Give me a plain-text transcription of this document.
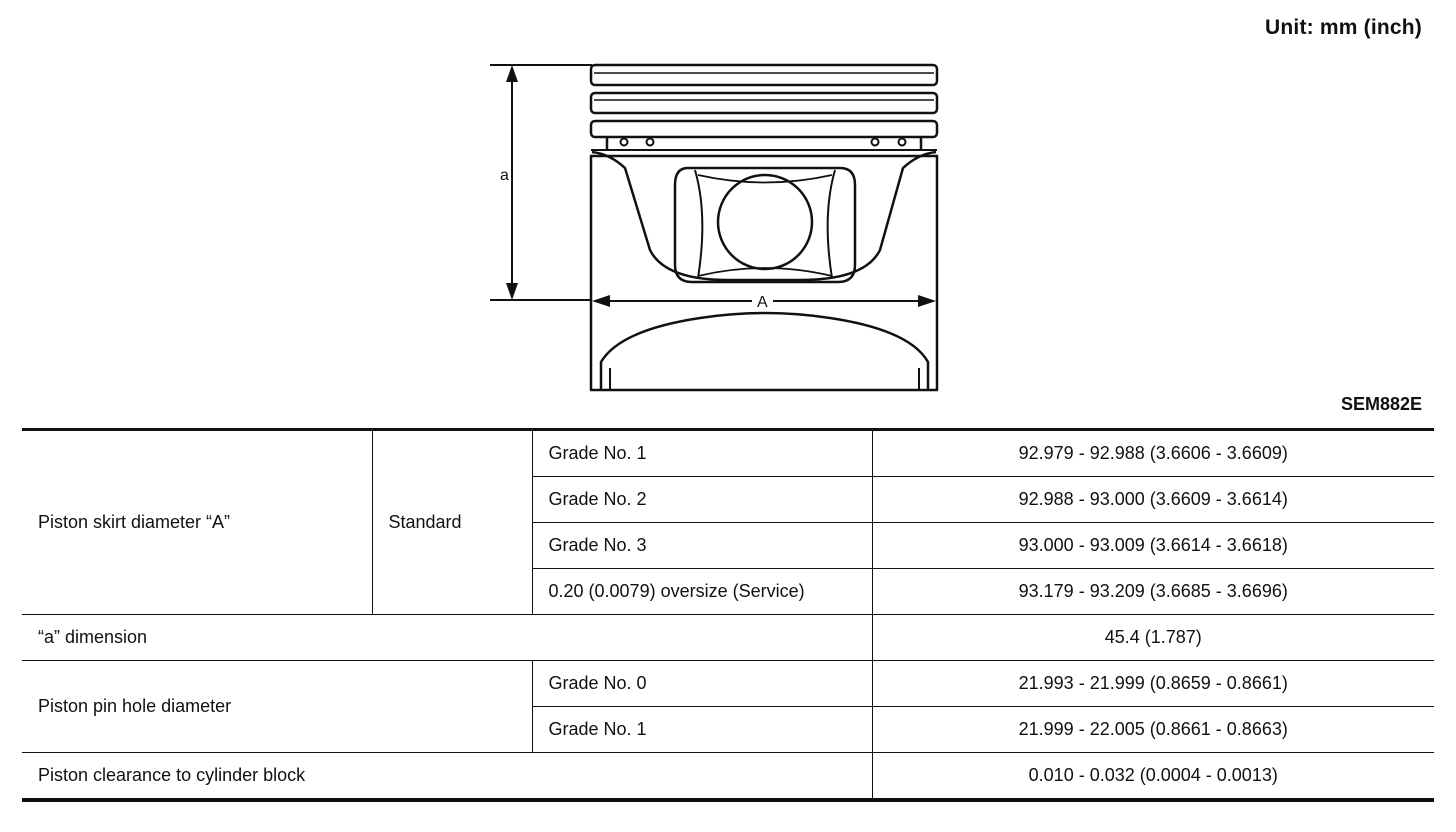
Unit: mm (inch)
a
A
SEM882E
Piston skirt diameter “A”	Standard	Grade No. 1	92.979 - 92.988 (3.6606 - 3.6609)
		Grade No. 2	92.988 - 93.000 (3.6609 - 3.6614)
		Grade No. 3	93.000 - 93.009 (3.6614 - 3.6618)
		0.20 (0.0079) oversize (Service)	93.179 - 93.209 (3.6685 - 3.6696)
“a” dimension			45.4 (1.787)
Piston pin hole diameter		Grade No. 0	21.993 - 21.999 (0.8659 - 0.8661)
		Grade No. 1	21.999 - 22.005 (0.8661 - 0.8663)
Piston clearance to cylinder block			0.010 - 0.032 (0.0004 - 0.0013)
